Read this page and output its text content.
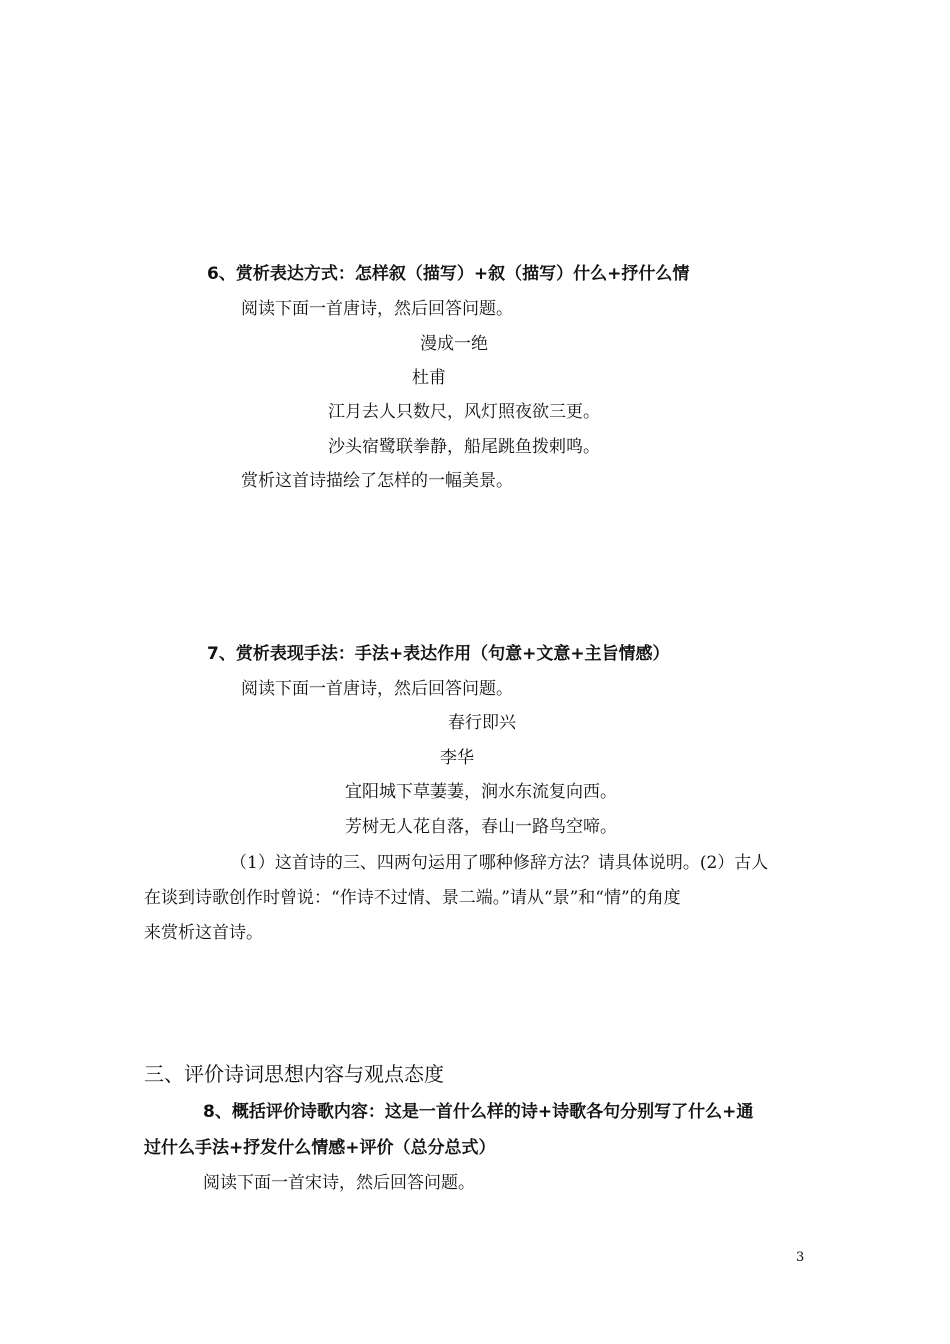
6、赏析表达方式：怎样叙（描写）+叙（描写）什么+抒什么情
阅读下面一首唐诗，然后回答问题。
漫成一绝
杜甫
江月去人只数尺，风灯照夜欲三更。
沙头宿鹭联拳静，船尾跳鱼拨剌鸣。
赏析这首诗描绘了怎样的一幅美景。
7、赏析表现手法：手法+表达作用（句意+文意+主旨情感）
阅读下面一首唐诗，然后回答问题。
春行即兴
李华
宜阳城下草萋萋，涧水东流复向西。
芳树无人花自落，春山一路鸟空啼。
（1）这首诗的三、四两句运用了哪种修辞方法？请具体说明。(2）古人
在谈到诗歌创作时曾说：“作诗不过情、景二端。”请从“景”和“情”的角度
来赏析这首诗。
三、评价诗词思想内容与观点态度
8、概括评价诗歌内容：这是一首什么样的诗+诗歌各句分别写了什么+通
过什么手法+抒发什么情感+评价（总分总式）
阅读下面一首宋诗，然后回答问题。
3
